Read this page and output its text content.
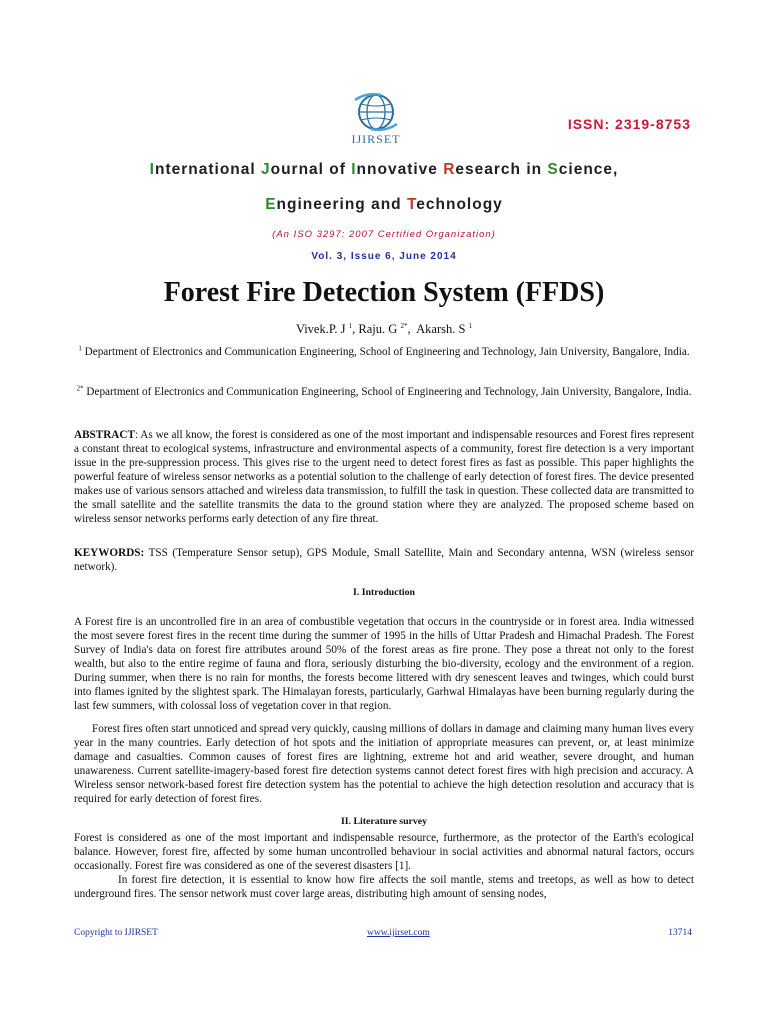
IJIRSET
ISSN: 2319-8753
International Journal of Innovative Research in Science,
Engineering and Technology
(An ISO 3297: 2007 Certified Organization)
Vol. 3, Issue 6, June 2014
Forest Fire Detection System (FFDS)
Vivek.P. J $^1$, Raju. G $^{2*}$,  Akarsh. S $^1$
$^1$ Department of Electronics and Communication Engineering, School of Engineering and Technology, Jain University, Bangalore, India.
$^{2*}$ Department of Electronics and Communication Engineering, School of Engineering and Technology, Jain University, Bangalore, India.
ABSTRACT: As we all know, the forest is considered as one of the most important and indispensable resources and Forest fires represent a constant threat to ecological systems, infrastructure and environmental aspects of a community, forest fire detection is a very important issue in the pre-suppression process. This gives rise to the urgent need to detect forest fires as fast as possible. This paper highlights the powerful feature of wireless sensor networks as a potential solution to the challenge of early detection of forest fires. The device presented makes use of various sensors attached and wireless data transmission, to fulfill the task in question. These collected data are transmitted to the small satellite and the satellite transmits the data to the ground station where they are analyzed. The proposed scheme based on wireless sensor networks performs early detection of any fire threat.
KEYWORDS: TSS (Temperature Sensor setup), GPS Module, Small Satellite, Main and Secondary antenna, WSN (wireless sensor network).
I. Introduction
A Forest fire is an uncontrolled fire in an area of combustible vegetation that occurs in the countryside or in forest area. India witnessed the most severe forest fires in the recent time during the summer of 1995 in the hills of Uttar Pradesh and Himachal Pradesh. The Forest Survey of India's data on forest fire attributes around 50% of the forest areas as fire prone. They pose a threat not only to the forest wealth, but also to the entire regime of fauna and flora, seriously disturbing the bio-diversity, ecology and the environment of a region. During summer, when there is no rain for months, the forests become littered with dry senescent leaves and twinges, which could burst into flames ignited by the slightest spark. The Himalayan forests, particularly, Garhwal Himalayas have been burning regularly during the last few summers, with colossal loss of vegetation cover in that region.
Forest fires often start unnoticed and spread very quickly, causing millions of dollars in damage and claiming many human lives every year in the many countries. Early detection of hot spots and the initiation of appropriate measures can prevent, or, at least minimize damage and casualties. Common causes of forest fires are lightning, extreme hot and arid weather, severe drought, and human unawareness. Current satellite-imagery-based forest fire detection systems cannot detect forest fires with high precision and accuracy. A Wireless sensor network-based forest fire detection system has the potential to achieve the high detection resolution and accuracy that is required for early detection of forest fires.
II. Literature survey
Forest is considered as one of the most important and indispensable resource, furthermore, as the protector of the Earth's ecological balance. However, forest fire, affected by some human uncontrolled behaviour in social activities and abnormal natural factors, occurs occasionally. Forest fire was considered as one of the severest disasters [1].
In forest fire detection, it is essential to know how fire affects the soil mantle, stems and treetops, as well as how to detect underground fires. The sensor network must cover large areas, distributing high amount of sensing nodes,
Copyright to IJIRSET	www.ijirset.com	13714
